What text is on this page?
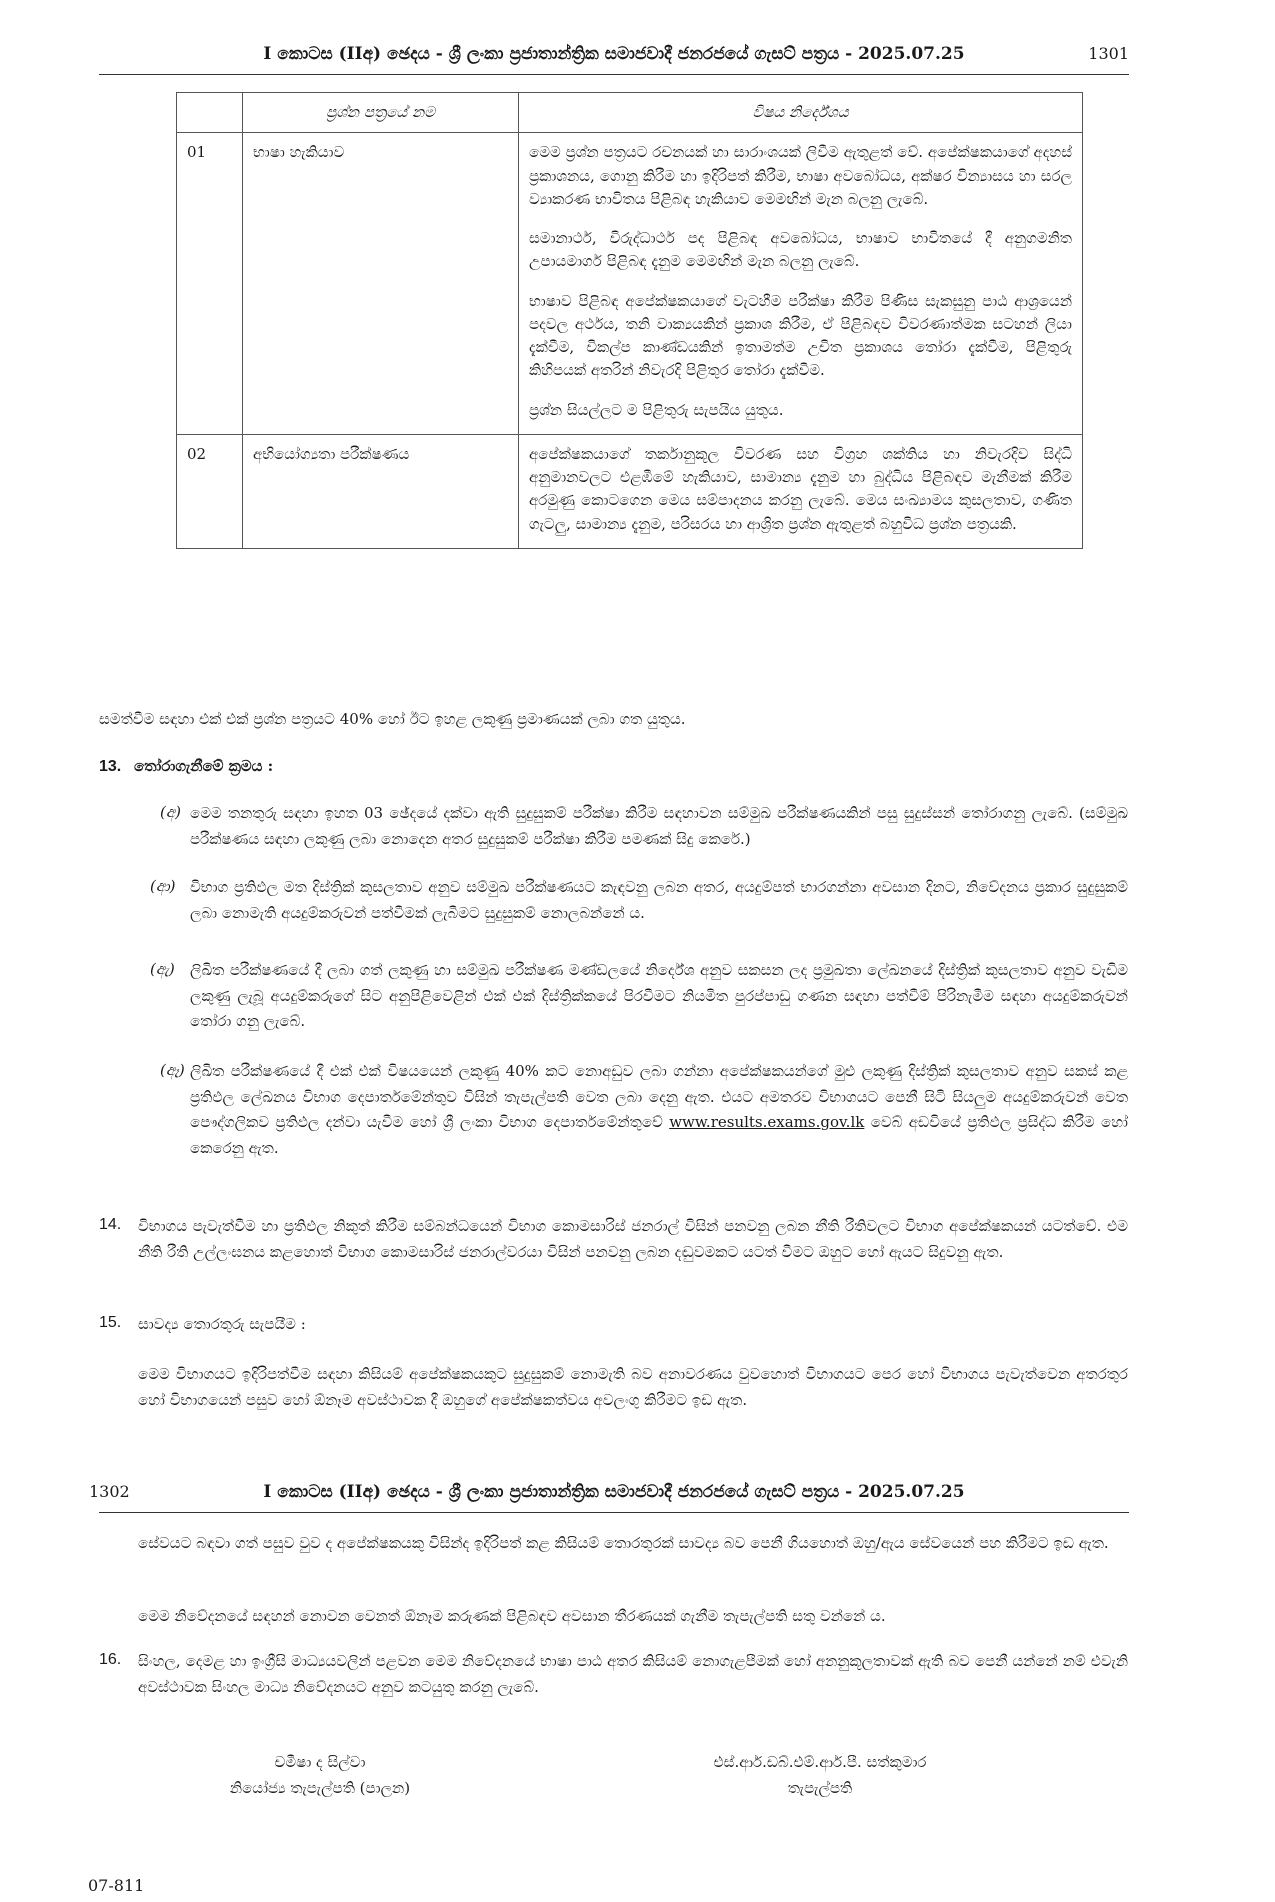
I කොටස (IIඅ) ඡෙදය - ශ්‍රී ලංකා ප්‍රජාතාන්ත්‍රික සමාජවාදී ජනරජයේ ගැසට් පත්‍රය - 2025.07.25	1301
	ප්‍රශ්න පත්‍රයේ නම	විෂය නිර්දේශය
01	භාෂා හැකියාව	මෙම ප්‍රශ්න පත්‍රයට රචනයක් හා සාරාංශයක් ලිවීම ඇතුළත් වේ. අපේක්ෂකයාගේ අදහස් ප්‍රකාශනය, ගොනු කිරීම හා ඉදිරිපත් කිරීම, භාෂා අවබෝධය, අක්ෂර වින්‍යාසය හා සරල ව්‍යාකරණ භාවිතය පිළිබඳ හැකියාව මෙමඟින් මැන බලනු ලැබේ.

සමානාර්ථ, විරුද්ධාර්ථ පද පිළිබඳ අවබෝධය, භාෂාව භාවිතයේ දී අනුගමනිත උපායමාර්ග පිළිබඳ දැනුම මෙමඟින් මැන බලනු ලැබේ.

භාෂාව පිළිබඳ අපේක්ෂකයාගේ වැටහීම පරීක්ෂා කිරීම පිණිස සැකසුනු පාඨ ආශ්‍රයෙන් පදවල අර්ථය, තනි වාක්‍යයකින් ප්‍රකාශ කිරීම, ඒ පිළිබඳව විවරණාත්මක සටහන් ලියා දැක්වීම, විකල්ප කාණ්ඩයකින් ඉතාමත්ම උචිත ප්‍රකාශය තෝරා දැක්වීම, පිළිතුරු කිහිපයක් අතරින් නිවැරදි පිළිතුර තෝරා දැක්වීම.

ප්‍රශ්න සියල්ලට ම පිළිතුරු සැපයිය යුතුය.

02	අභියෝග්‍යතා පරීක්ෂණය	අපේක්ෂකයාගේ තර්කානුකූල විවරණ සහ විග්‍රහ ශක්තිය හා නිවැරදිව සිද්ධි අනුමානවලට එළඹීමේ හැකියාව, සාමාන්‍ය දැනුම හා බුද්ධිය පිළිබඳව මැනීමක් කිරීම අරමුණු කොටගෙන මෙය සම්පාදනය කරනු ලැබේ. මෙය සංඛ්‍යාමය කුසලතාව, ගණිත ගැටලු, සාමාන්‍ය දැනුම, පරිසරය හා ආශ්‍රිත ප්‍රශ්න ඇතුළත් බහුවිධ ප්‍රශ්න පත්‍රයකි.

සමත්වීම සඳහා එක් එක් ප්‍රශ්න පත්‍රයට 40% හෝ ඊට ඉහළ ලකුණු ප්‍රමාණයක් ලබා ගත යුතුය.
13. තෝරාගැනීමේ ක්‍රමය :
(අ) මෙම තනතුරු සඳහා ඉහත 03 ඡේදයේ දක්වා ඇති සුදුසුකම් පරීක්ෂා කිරීම සඳහාවන සම්මුඛ පරීක්ෂණයකින් පසු සුදුස්සන් තෝරාගනු ලැබේ. (සම්මුඛ පරීක්ෂණය සඳහා ලකුණු ලබා නොදෙන අතර සුදුසුකම් පරීක්ෂා කිරීම පමණක් සිදු කෙරේ.)
(ආ) විභාග ප්‍රතිඵල මත දිස්ත්‍රික් කුසලතාව අනුව සම්මුඛ පරීක්ෂණයට කැඳවනු ලබන අතර, අයදුම්පත් භාරගන්නා අවසාන දිනට, නිවේදනය ප්‍රකාර සුදුසුකම් ලබා නොමැති අයදුම්කරුවන් පත්වීමක් ලැබීමට සුදුසුකම් නොලබන්නේ ය.
(ඇ) ලිඛිත පරීක්ෂණයේ දී ලබා ගත් ලකුණු හා සම්මුඛ පරීක්ෂණ මණ්ඩලයේ නිර්දේශ අනුව සකසන ලද ප්‍රමුඛතා ලේඛනයේ දිස්ත්‍රික් කුසලතාව අනුව වැඩිම ලකුණු ලැබූ අයදුම්කරුගේ සිට අනුපිළිවෙළින් එක් එක් දිස්ත්‍රික්කයේ පිරවීමට නියමිත පුරප්පාඩු ගණන සඳහා පත්වීම් පිරිනැමීම සඳහා අයදුම්කරුවන් තෝරා ගනු ලැබේ.
(ඈ) ලිඛිත පරීක්ෂණයේ දී එක් එක් විෂයයෙන් ලකුණු 40% කට නොඅඩුව ලබා ගන්නා අපේක්ෂකයන්ගේ මුළු ලකුණු දිස්ත්‍රික් කුසලතාව අනුව සකස් කළ ප්‍රතිඵල ලේඛනය විභාග දෙපාර්තමේන්තුව විසින් තැපැල්පති වෙත ලබා දෙනු ඇත. එයට අමතරව විභාගයට පෙනී සිටි සියලුම අයදුම්කරුවන් වෙත පෞද්ගලිකව ප්‍රතිඵල දන්වා යැවීම හෝ ශ්‍රී ලංකා විභාග දෙපාර්තමේන්තුවේ www.results.exams.gov.lk වෙබ් අඩවියේ ප්‍රතිඵල ප්‍රසිද්ධ කිරීම හෝ කෙරෙනු ඇත.
14. විභාගය පැවැත්වීම හා ප්‍රතිඵල නිකුත් කිරීම සම්බන්ධයෙන් විභාග කොමසාරිස් ජනරාල් විසින් පනවනු ලබන නීති රීතිවලට විභාග අපේක්ෂකයන් යටත්වේ. එම නීති රීති උල්ලංඝනය කළහොත් විභාග කොමසාරිස් ජනරාල්වරයා විසින් පනවනු ලබන දඬුවමකට යටත් වීමට ඔහුට හෝ ඇයට සිදුවනු ඇත.
15. සාවද්‍ය තොරතුරු සැපයීම :
මෙම විභාගයට ඉදිරිපත්වීම සඳහා කිසියම් අපේක්ෂකයකුට සුදුසුකම් නොමැති බව අනාවරණය වුවහොත් විභාගයට පෙර හෝ විභාගය පැවැත්වෙන අතරතුර හෝ විභාගයෙන් පසුව හෝ ඕනෑම අවස්ථාවක දී ඔහුගේ අපේක්ෂකත්වය අවලංගු කිරීමට ඉඩ ඇත.
1302	I කොටස (IIඅ) ඡෙදය - ශ්‍රී ලංකා ප්‍රජාතාන්ත්‍රික සමාජවාදී ජනරජයේ ගැසට් පත්‍රය - 2025.07.25
සේවයට බඳවා ගත් පසුව වුව ද අපේක්ෂකයකු විසින්ද ඉදිරිපත් කළ කිසියම් තොරතුරක් සාවද්‍ය බව පෙනී ගියහොත් ඔහු/ඇය සේවයෙන් පහ කිරීමට ඉඩ ඇත.
මෙම නිවේදනයේ සඳහන් නොවන වෙනත් ඕනෑම කරුණක් පිළිබඳව අවසාන තීරණයක් ගැනීම තැපැල්පති සතු වන්නේ ය.
16. සිංහල, දෙමළ හා ඉංග්‍රීසි මාධ්‍යයවලින් පළවන මෙම නිවේදනයේ භාෂා පාඨ අතර කිසියම් නොගැළපීමක් හෝ අනනුකූලතාවක් ඇති බව පෙනී යන්නේ නම් එවැනි අවස්ථාවක සිංහල මාධ්‍ය නිවේදනයට අනුව කටයුතු කරනු ලැබේ.
චමීෂා ද සිල්වා
නියෝජ්‍ය තැපැල්පති (පාලන)
එස්.ආර්.ඩබ්.එම්.ආර්.පී. සත්කුමාර
තැපැල්පති
07-811
